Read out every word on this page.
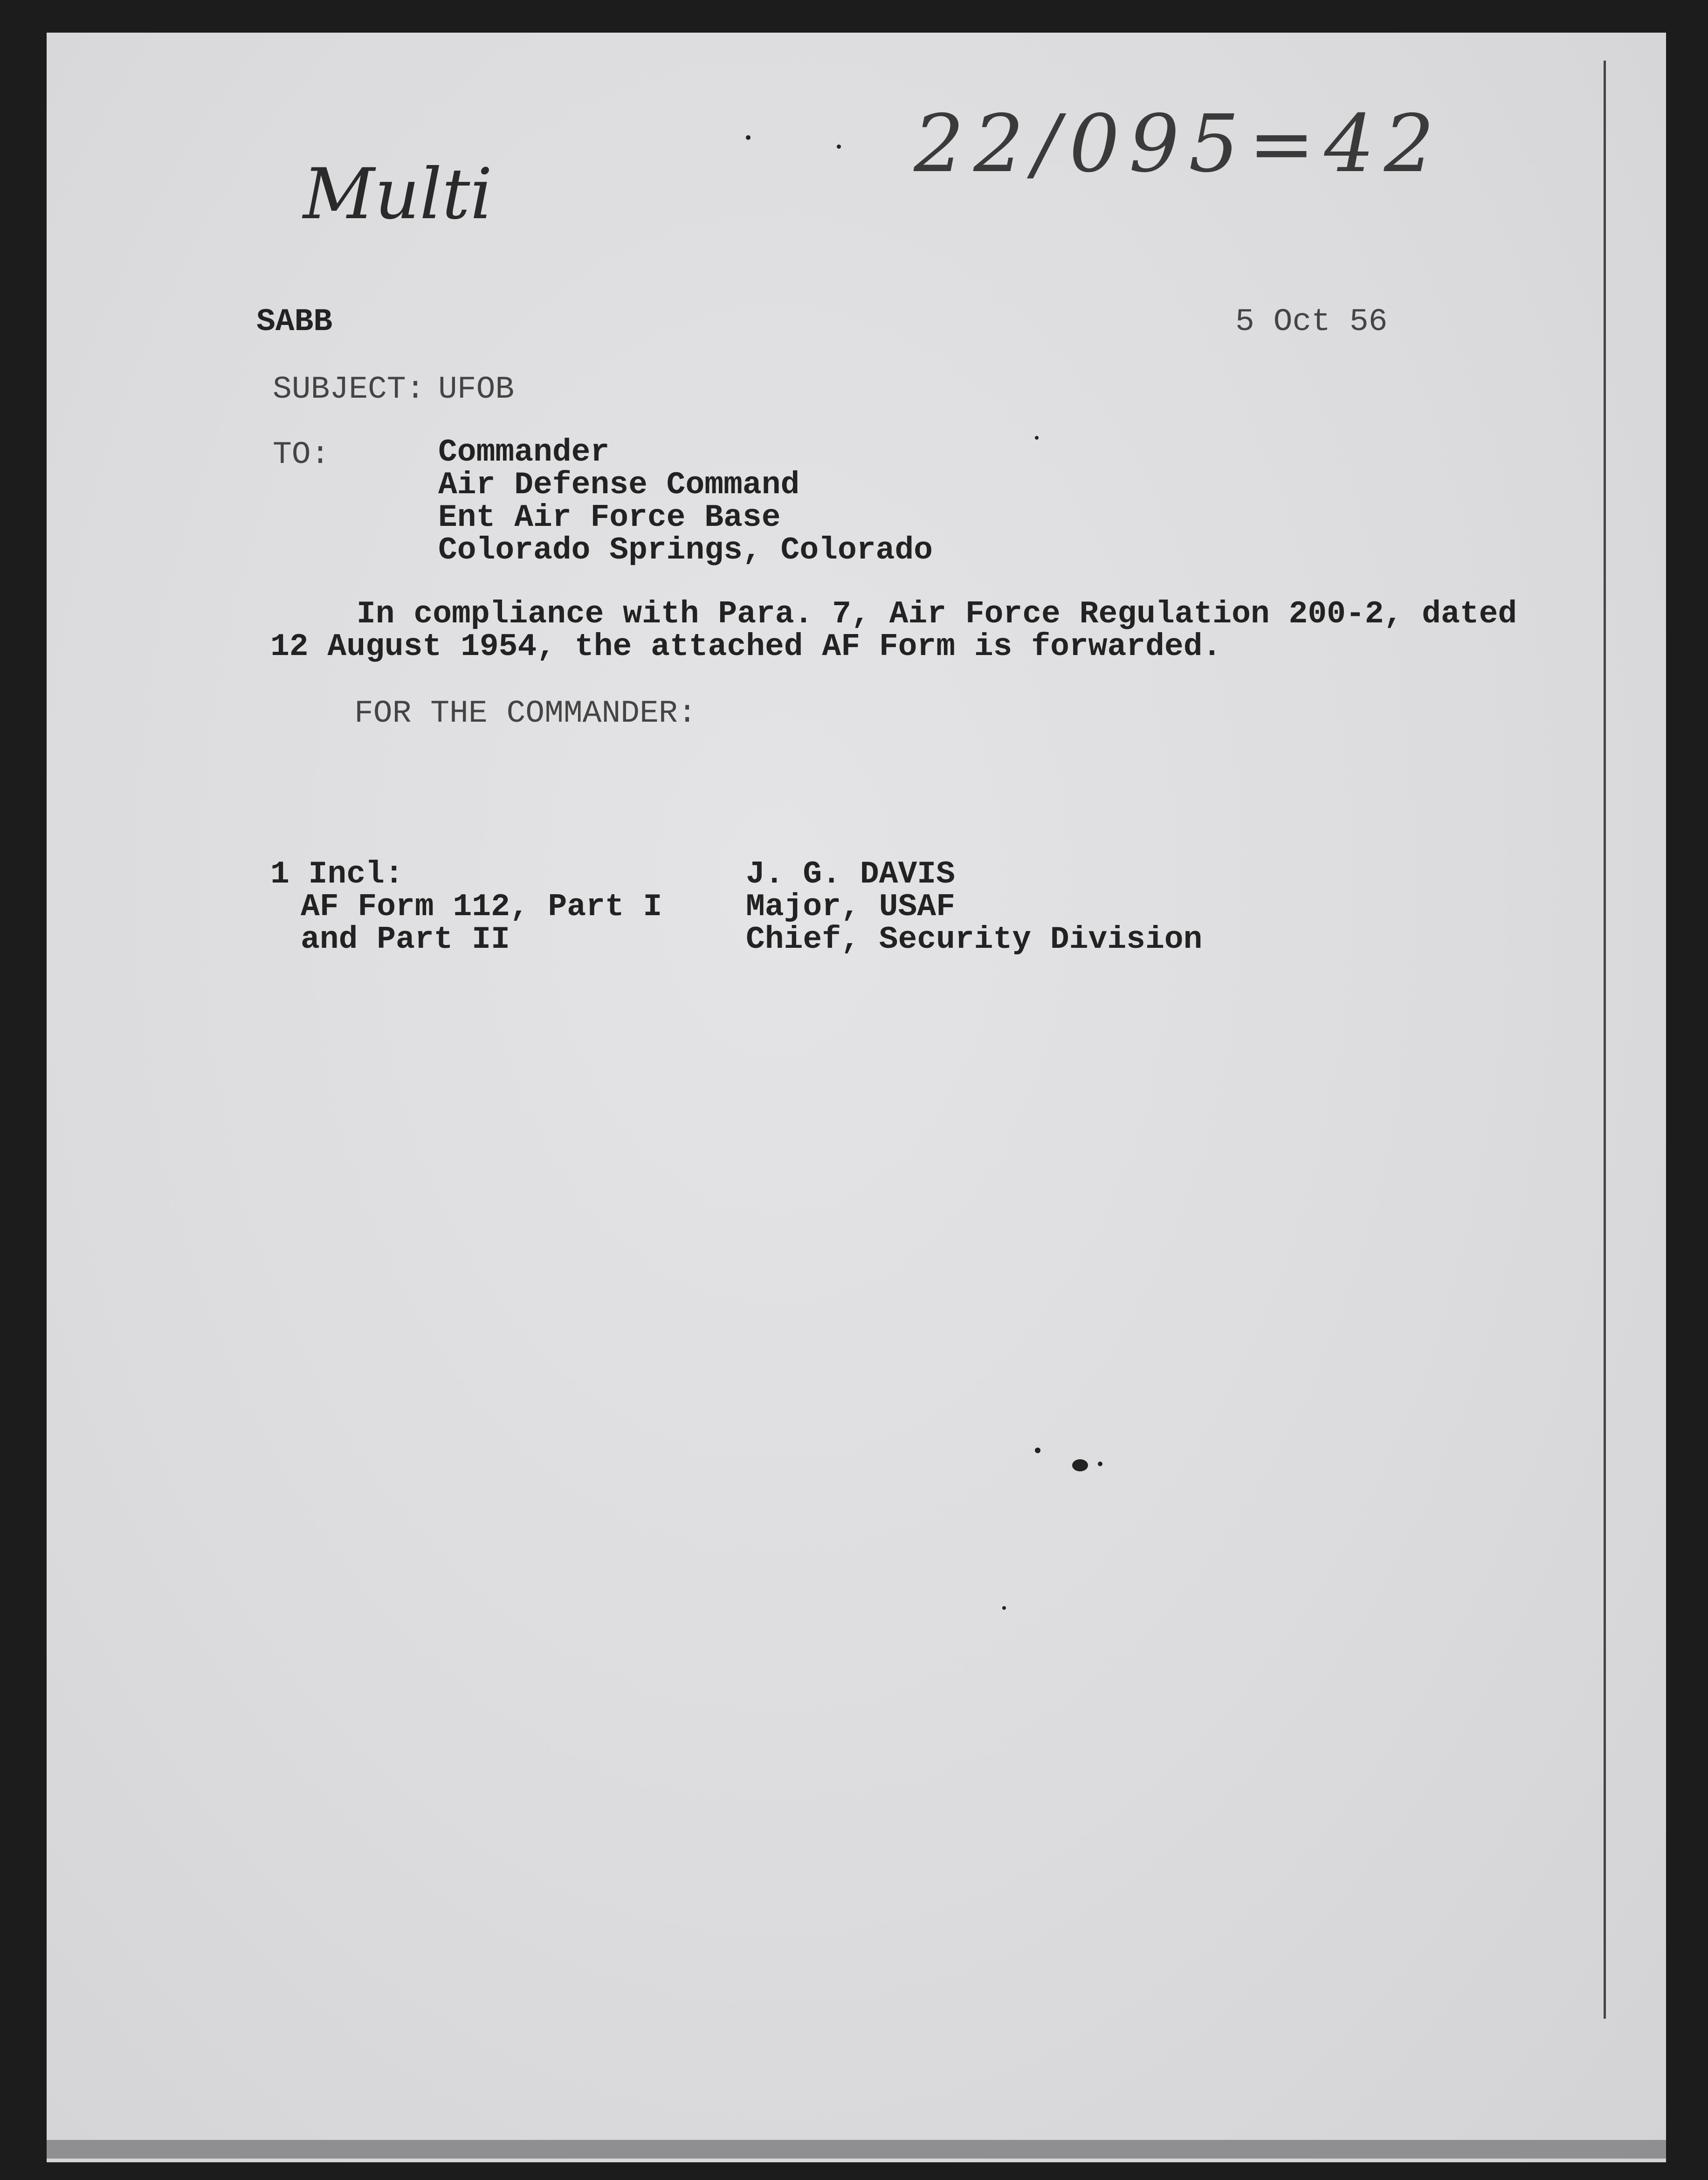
Multi
22/095=42
SABB	5 Oct 56
SUBJECT: UFOB
TO:	Commander
Air Defense Command
Ent Air Force Base
Colorado Springs, Colorado
In compliance with Para. 7, Air Force Regulation 200-2, dated
12 August 1954, the attached AF Form is forwarded.
FOR THE COMMANDER:
1 Incl:
AF Form 112, Part I
and Part II
J. G. DAVIS
Major, USAF
Chief, Security Division
